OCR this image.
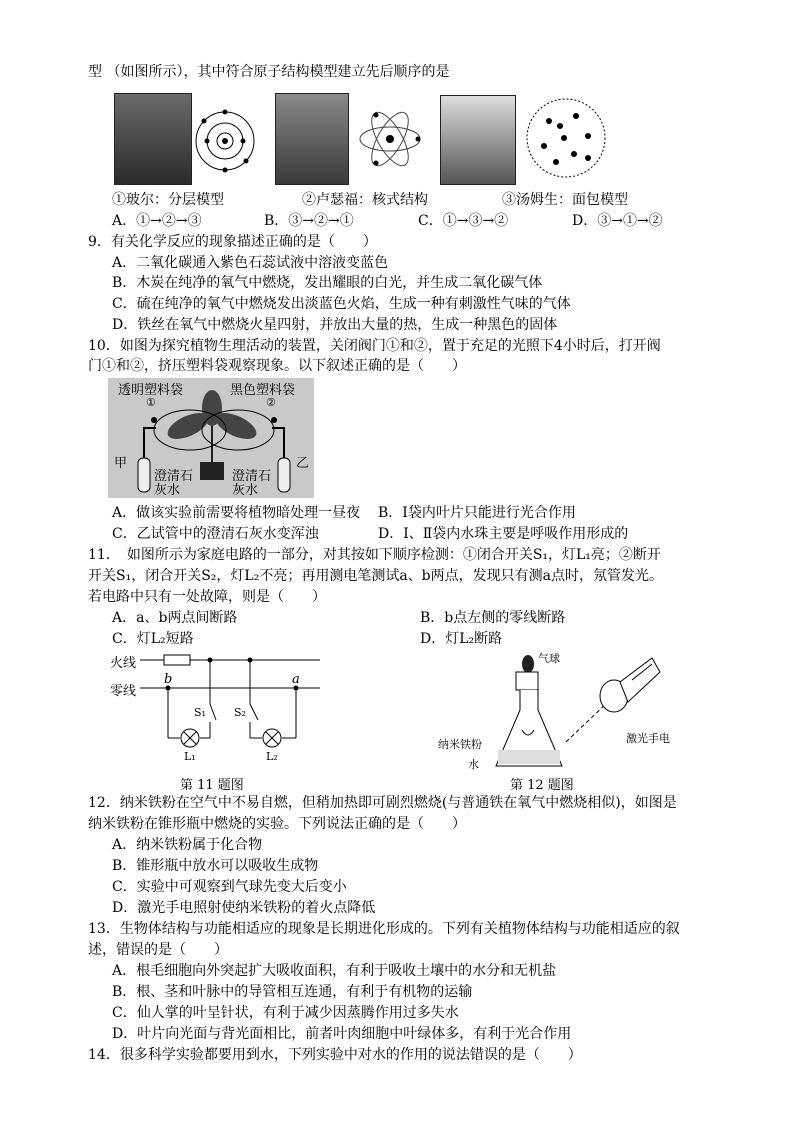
型 （如图所示），其中符合原子结构模型建立先后顺序的是
①玻尔：分层模型	②卢瑟福：核式结构	③汤姆生：面包模型
A．①→②→③	B．③→②→①	C．①→③→②	D．③→①→②
9．有关化学反应的现象描述正确的是（　　）
A．二氧化碳通入紫色石蕊试液中溶液变蓝色
B．木炭在纯净的氧气中燃烧，发出耀眼的白光，并生成二氧化碳气体
C．硫在纯净的氧气中燃烧发出淡蓝色火焰，生成一种有刺激性气味的气体
D．铁丝在氧气中燃烧火星四射，并放出大量的热，生成一种黑色的固体
10．如图为探究植物生理活动的装置，关闭阀门①和②，置于充足的光照下4小时后，打开阀
门①和②，挤压塑料袋观察现象。以下叙述正确的是（　　）
透明塑料袋	黑色塑料袋
①	②
甲	乙
澄清石灰水
澄清石灰水
A．做该实验前需要将植物暗处理一昼夜 B．Ⅰ袋内叶片只能进行光合作用
C．乙试管中的澄清石灰水变浑浊	D．Ⅰ、Ⅱ袋内水珠主要是呼吸作用形成的
11．　如图所示为家庭电路的一部分，对其按如下顺序检测：①闭合开关S₁，灯L₁亮；②断开
开关S₁，闭合开关S₂，灯L₂不亮；再用测电笔测试a、b两点，发现只有测a点时，氖管发光。
若电路中只有一处故障，则是（　　）
A．a、b两点间断路	B．b点左侧的零线断路
C．灯L₂短路	D．灯L₂断路
火线
零线
b	a
S₁	S₂
L₁	L₂
第 11 题图
气球
纳米铁粉
水
激光手电
第 12 题图
12．纳米铁粉在空气中不易自燃，但稍加热即可剧烈燃烧(与普通铁在氧气中燃烧相似)，如图是
纳米铁粉在锥形瓶中燃烧的实验。下列说法正确的是（　　）
A．纳米铁粉属于化合物
B．锥形瓶中放水可以吸收生成物
C．实验中可观察到气球先变大后变小
D．激光手电照射使纳米铁粉的着火点降低
13．生物体结构与功能相适应的现象是长期进化形成的。下列有关植物体结构与功能相适应的叙
述，错误的是（　　）
A．根毛细胞向外突起扩大吸收面积，有利于吸收土壤中的水分和无机盐
B．根、茎和叶脉中的导管相互连通，有利于有机物的运输
C．仙人掌的叶呈针状，有利于减少因蒸腾作用过多失水
D．叶片向光面与背光面相比，前者叶肉细胞中叶绿体多，有利于光合作用
14．很多科学实验都要用到水，下列实验中对水的作用的说法错误的是（　　）
